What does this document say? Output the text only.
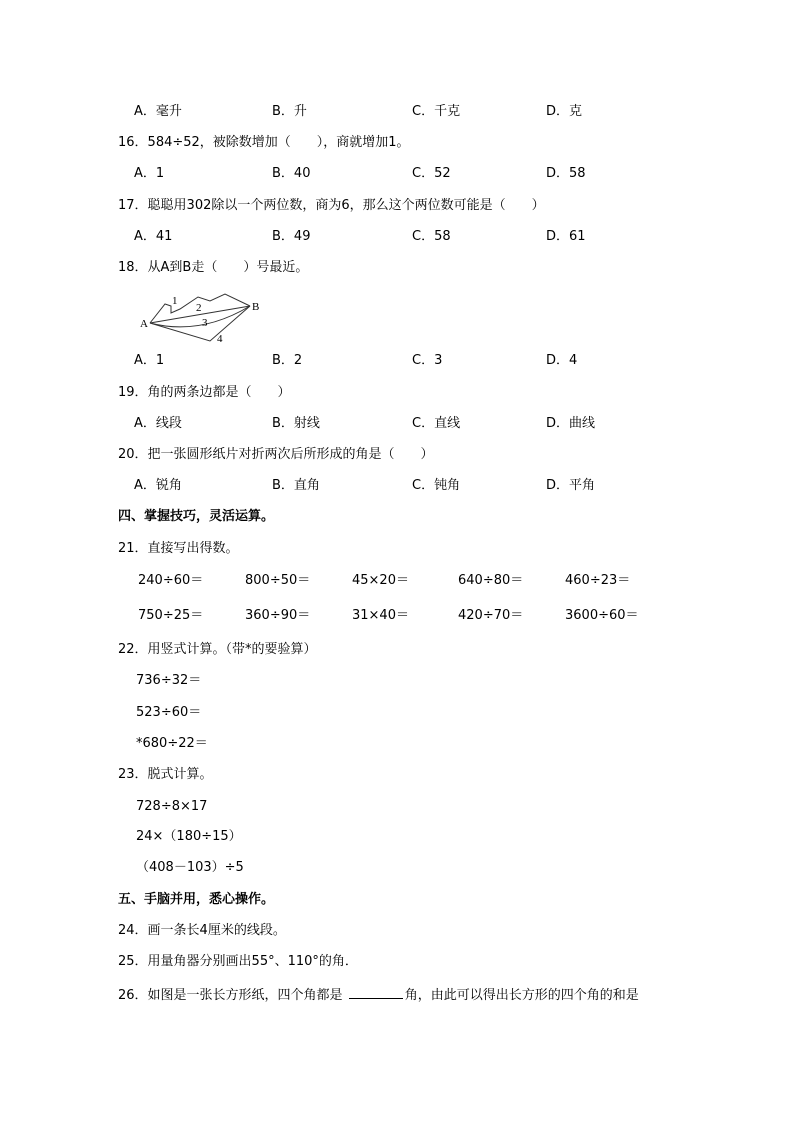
A．毫升	B．升	C．千克	D．克
16．584÷52，被除数增加（　　），商就增加1。
A．1	B．40	C．52	D．58
17．聪聪用302除以一个两位数，商为6，那么这个两位数可能是（　　）
A．41	B．49	C．58	D．61
18．从A到B走（　　）号最近。
A
B
1
2
3
4
A．1	B．2	C．3	D．4
19．角的两条边都是（　　）
A．线段	B．射线	C．直线	D．曲线
20．把一张圆形纸片对折两次后所形成的角是（　　）
A．锐角	B．直角	C．钝角	D．平角
四、掌握技巧，灵活运算。
21．直接写出得数。
240÷60＝	800÷50＝	45×20＝	640÷80＝	460÷23＝
750÷25＝	360÷90＝	31×40＝	420÷70＝	3600÷60＝
22．用竖式计算。（带*的要验算）
736÷32＝
523÷60＝
*680÷22＝
23．脱式计算。
728÷8×17
24×（180÷15）
（408－103）÷5
五、手脑并用，悉心操作。
24．画一条长4厘米的线段。
25．用量角器分别画出55°、110°的角．
26．如图是一张长方形纸，四个角都是	角，由此可以得出长方形的四个角的和是
